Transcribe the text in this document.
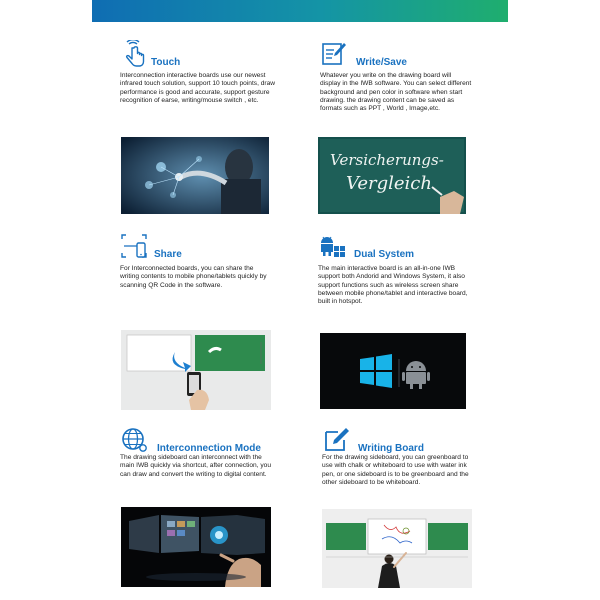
Touch

Interconnection interactive boards use our newest infrared touch solution, support 10 touch points, draw performance is good and accurate, support gesture recognition of earse, writing/mouse switch , etc.

Write/Save

Whatever you write on the drawing board will display in the IWB software. You can select different background and pen color in software when start drawing. the drawing content can be saved as formats such as PPT , World , Image,etc.

Versicherungs-
Vergleich
Share

For Interconnected boards, you can share the writing contents to mobile phone/tablets quickly by scanning QR Code in the software.

Dual System

The main interactive board is an all-in-one IWB support both Andorid and Windows System, it also support functions such as wireless screen share between mobile phone/tablet and interactive board, built in hotspot.

Interconnection Mode

The drawing sideboard can interconnect with the main IWB quickly via shortcut, after connection, you can draw and convert the writing to digital content.

Writing Board

For the drawing sideboard, you can greenboard to use with chalk or whiteboard to use with water ink pen, or one sideboard is to be greenboard and the other sideboard to be whiteboard.
